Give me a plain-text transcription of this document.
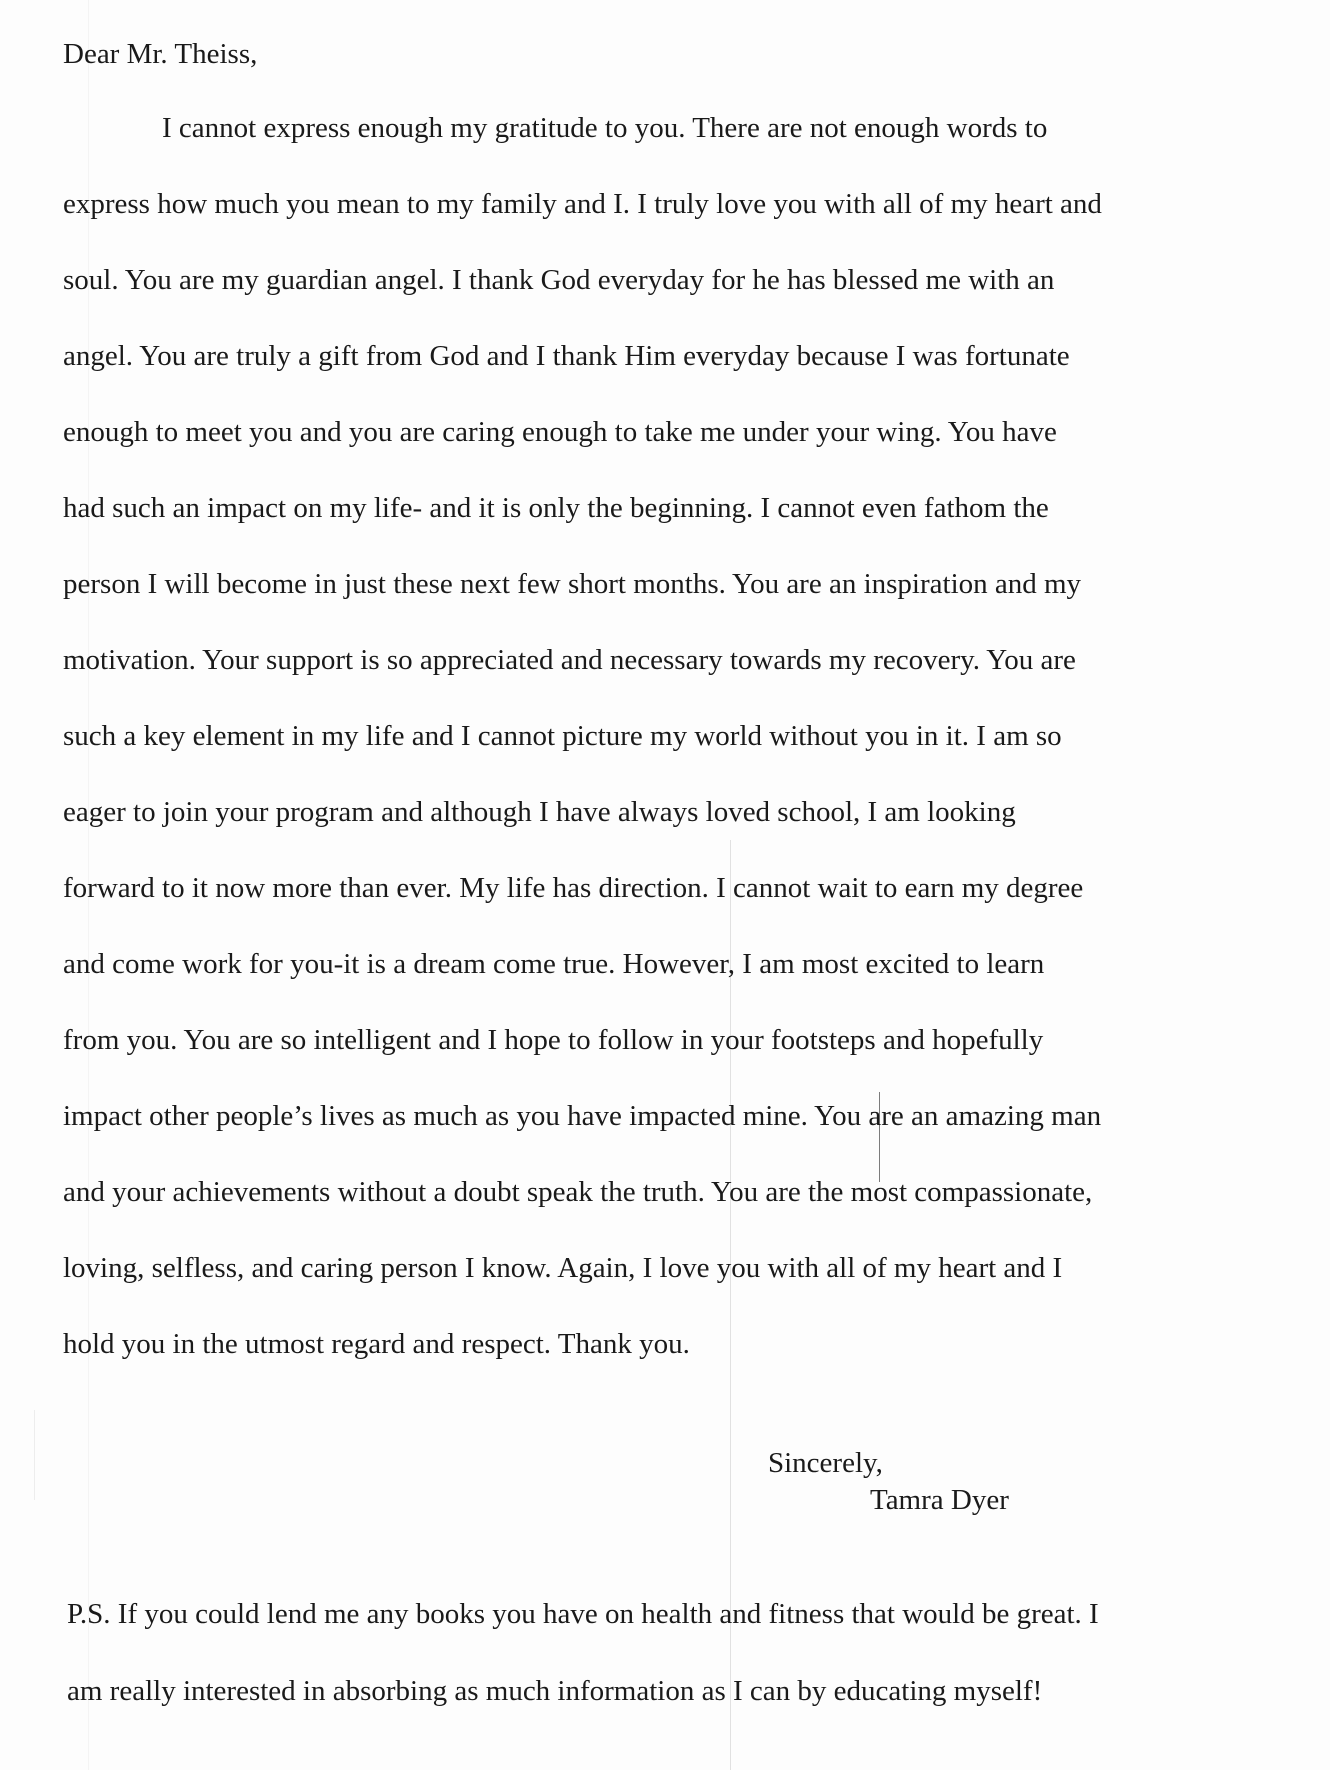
Dear Mr. Theiss,
I cannot express enough my gratitude to you. There are not enough words to
express how much you mean to my family and I. I truly love you with all of my heart and
soul. You are my guardian angel. I thank God everyday for he has blessed me with an
angel. You are truly a gift from God and I thank Him everyday because I was fortunate
enough to meet you and you are caring enough to take me under your wing. You have
had such an impact on my life- and it is only the beginning. I cannot even fathom the
person I will become in just these next few short months. You are an inspiration and my
motivation. Your support is so appreciated and necessary towards my recovery. You are
such a key element in my life and I cannot picture my world without you in it. I am so
eager to join your program and although I have always loved school, I am looking
forward to it now more than ever. My life has direction. I cannot wait to earn my degree
and come work for you-it is a dream come true. However, I am most excited to learn
from you. You are so intelligent and I hope to follow in your footsteps and hopefully
impact other people’s lives as much as you have impacted mine. You are an amazing man
and your achievements without a doubt speak the truth. You are the most compassionate,
loving, selfless, and caring person I know. Again, I love you with all of my heart and I
hold you in the utmost regard and respect. Thank you.
Sincerely,
Tamra Dyer
P.S. If you could lend me any books you have on health and fitness that would be great. I
am really interested in absorbing as much information as I can by educating myself!
